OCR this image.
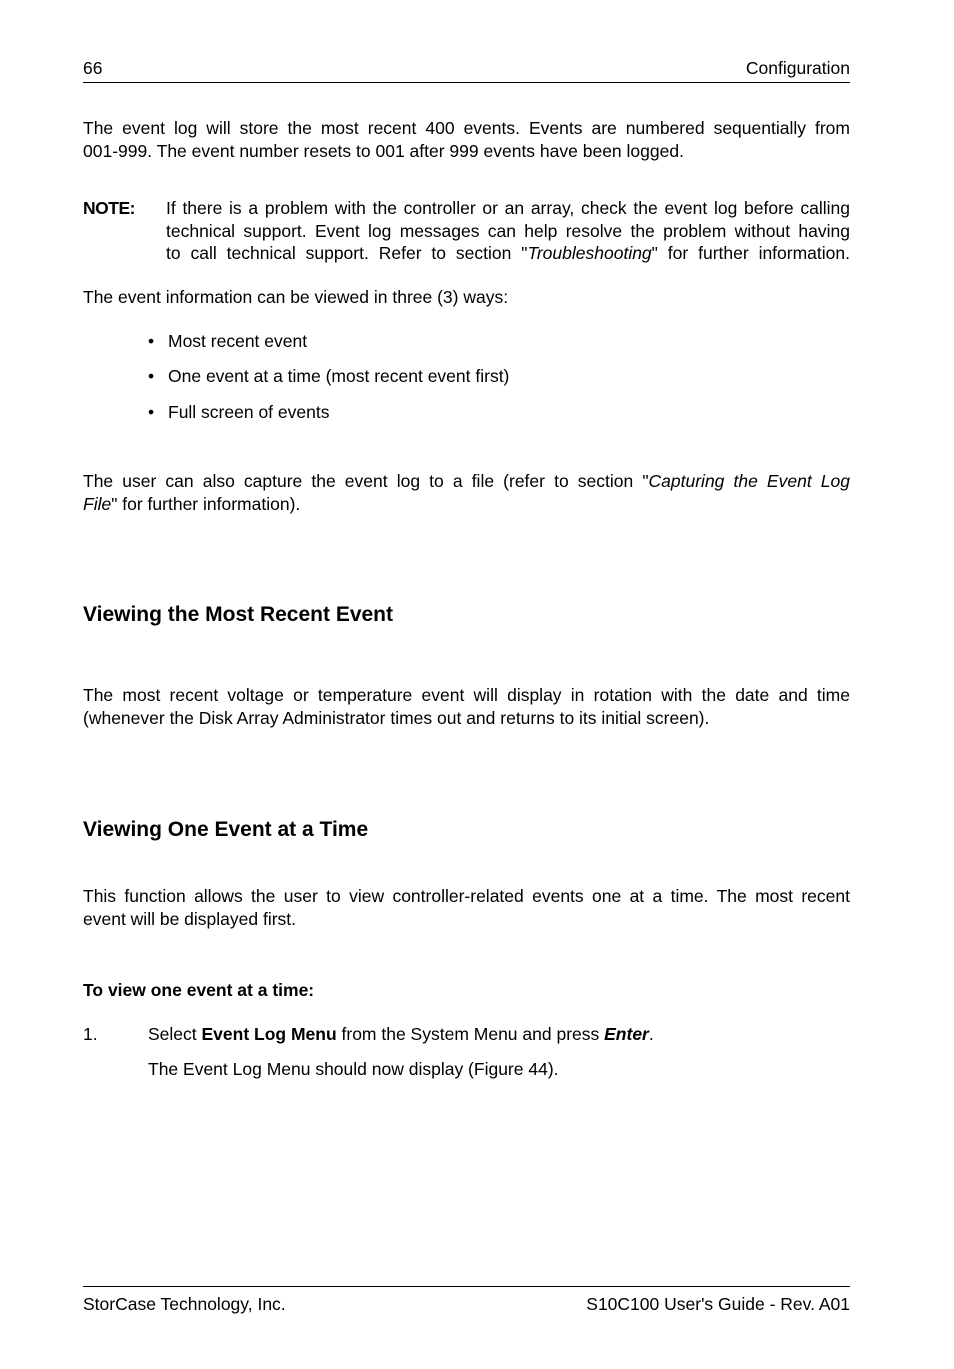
66	Configuration
The event log will store the most recent 400 events. Events are numbered sequentially from
001-999. The event number resets to 001 after 999 events have been logged.
NOTE: If there is a problem with the controller or an array, check the event log before calling
technical support. Event log messages can help resolve the problem without having
to call technical support. Refer to section "Troubleshooting" for further information.
The event information can be viewed in three (3) ways:
• Most recent event
• One event at a time (most recent event first)
• Full screen of events
The user can also capture the event log to a file (refer to section "Capturing the Event Log
File" for further information).
Viewing the Most Recent Event
The most recent voltage or temperature event will display in rotation with the date and time
(whenever the Disk Array Administrator times out and returns to its initial screen).
Viewing One Event at a Time
This function allows the user to view controller-related events one at a time. The most recent
event will be displayed first.
To view one event at a time:
1.	Select Event Log Menu from the System Menu and press Enter.
The Event Log Menu should now display (Figure 44).
StorCase Technology, Inc.	S10C100 User's Guide - Rev. A01
